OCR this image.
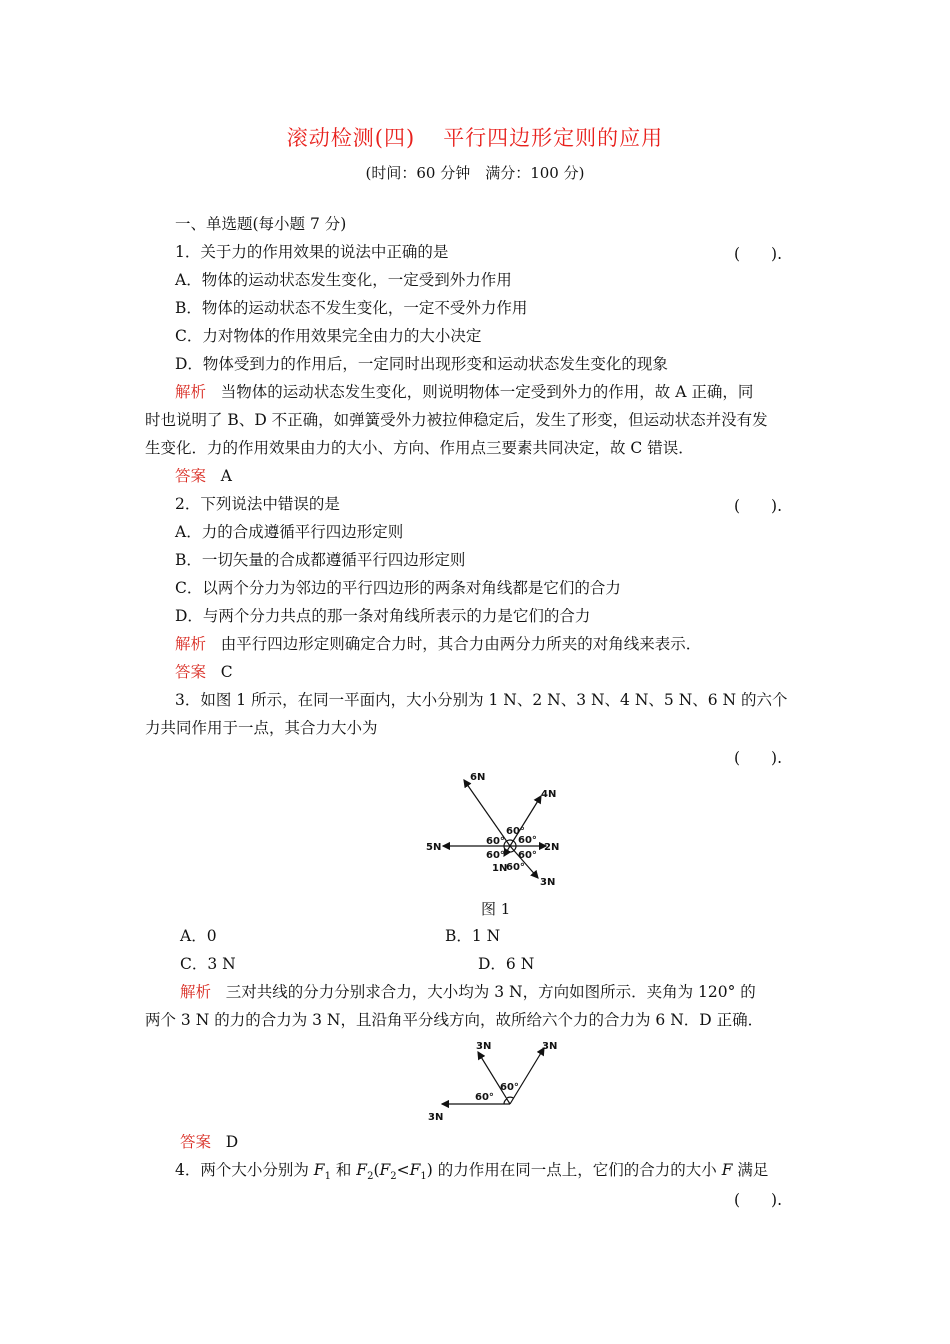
滚动检测(四) 平行四边形定则的应用
(时间：60 分钟　满分：100 分)
一、单选题(每小题 7 分)
1．关于力的作用效果的说法中正确的是	(　　).
A．物体的运动状态发生变化，一定受到外力作用
B．物体的运动状态不发生变化，一定不受外力作用
C．力对物体的作用效果完全由力的大小决定
D．物体受到力的作用后，一定同时出现形变和运动状态发生变化的现象
解析 当物体的运动状态发生变化，则说明物体一定受到外力的作用，故 A 正确，同
时也说明了 B、D 不正确，如弹簧受外力被拉伸稳定后，发生了形变，但运动状态并没有发
生变化．力的作用效果由力的大小、方向、作用点三要素共同决定，故 C 错误．
答案 A
2．下列说法中错误的是	(　　).
A．力的合成遵循平行四边形定则
B．一切矢量的合成都遵循平行四边形定则
C．以两个分力为邻边的平行四边形的两条对角线都是它们的合力
D．与两个分力共点的那一条对角线所表示的力是它们的合力
解析 由平行四边形定则确定合力时，其合力由两分力所夹的对角线来表示．
答案 C
3．如图 1 所示，在同一平面内，大小分别为 1 N、2 N、3 N、4 N、5 N、6 N 的六个
力共同作用于一点，其合力大小为
(　　).
6N
4N
5N	2N
1N
3N
60°
60°
60°
60° 60°
60°
图 1
A．0	B．1 N
C．3 N	D．6 N
解析 三对共线的分力分别求合力，大小均为 3 N，方向如图所示．夹角为 120° 的
两个 3 N 的力的合力为 3 N，且沿角平分线方向，故所给六个力的合力为 6 N．D 正确．
3N	3N
3N
60°
60°
答案 D
4．两个大小分别为 $F_1$ 和 $F_2(F_2<F_1)$ 的力作用在同一点上，它们的合力的大小 F 满足
(　　).
